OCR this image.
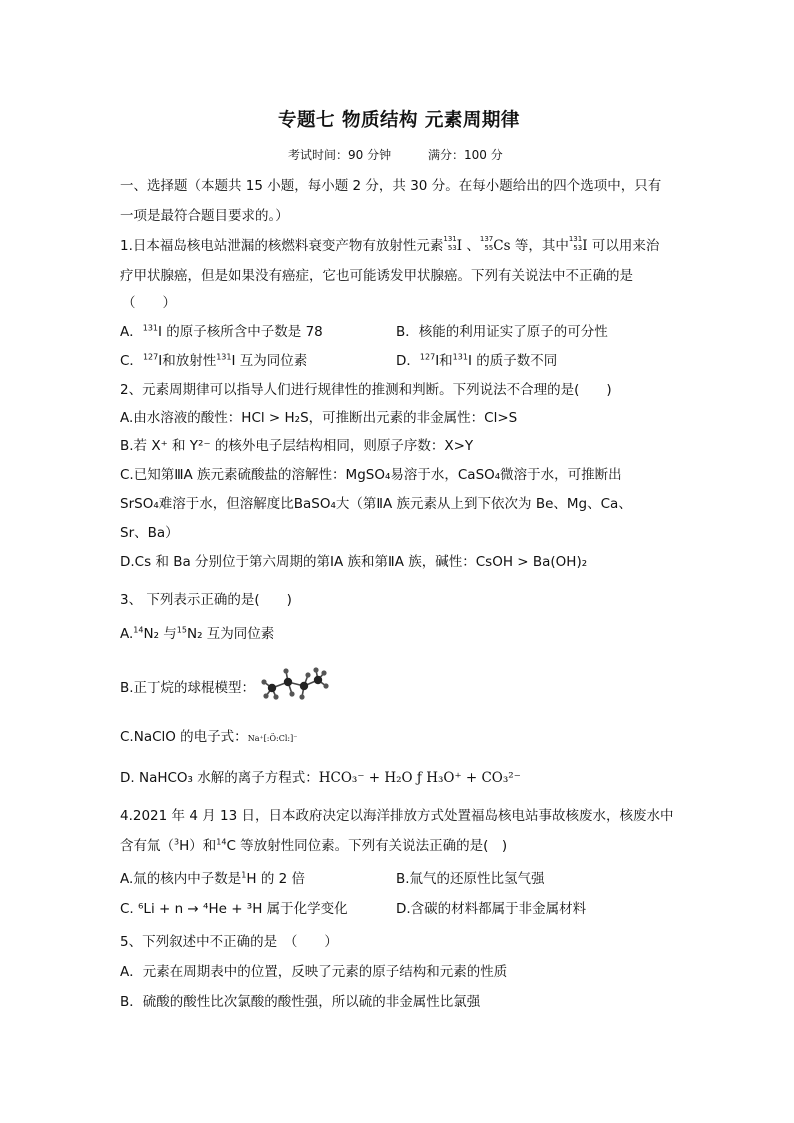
专题七 物质结构 元素周期律
考试时间：90 分钟	满分：100 分
一、选择题（本题共 15 小题，每小题 2 分，共 30 分。在每小题给出的四个选项中，只有
一项是最符合题目要求的。）
1.日本福岛核电站泄漏的核燃料衰变产物有放射性元素 131
53 I 、 137
55 Cs 等，其中 131
53 I 可以用来治
疗甲状腺癌，但是如果没有癌症，它也可能诱发甲状腺癌。下列有关说法中不正确的是
（　　）
A．$^{131}$I 的原子核所含中子数是 78	B．核能的利用证实了原子的可分性
C．$^{127}$I和放射性$^{131}$I 互为同位素	D．$^{127}$I和$^{131}$I 的质子数不同
2、元素周期律可以指导人们进行规律性的推测和判断。下列说法不合理的是(　　)
A.由水溶液的酸性：HCl > H₂S，可推断出元素的非金属性：Cl>S
B.若 X⁺ 和 Y²⁻ 的核外电子层结构相同，则原子序数：X>Y
C.已知第ⅢA 族元素硫酸盐的溶解性：MgSO₄易溶于水，CaSO₄微溶于水，可推断出
SrSO₄难溶于水，但溶解度比BaSO₄大（第ⅡA 族元素从上到下依次为 Be、Mg、Ca、
Sr、Ba）
D.Cs 和 Ba 分别位于第六周期的第ⅠA 族和第ⅡA 族，碱性：CsOH > Ba(OH)₂
3、 下列表示正确的是(　　)
A.$^{14}$N₂ 与$^{15}$N₂ 互为同位素
B.正丁烷的球棍模型：
C.NaClO 的电子式：Na⁺[:Ö:Cl:]⁻
D. NaHCO₃ 水解的离子方程式：HCO₃⁻ + H₂O ƒ H₃O⁺ + CO₃²⁻
4.2021 年 4 月 13 日，日本政府决定以海洋排放方式处置福岛核电站事故核废水，核废水中
含有氚（$^3$H）和$^{14}$C 等放射性同位素。下列有关说法正确的是(　)
A.氚的核内中子数是$^1$H 的 2 倍	B.氚气的还原性比氢气强
C. ⁶Li + n → ⁴He + ³H 属于化学变化	D.含碳的材料都属于非金属材料
5、下列叙述中不正确的是　（　　）
A．元素在周期表中的位置，反映了元素的原子结构和元素的性质
B．硫酸的酸性比次氯酸的酸性强，所以硫的非金属性比氯强
